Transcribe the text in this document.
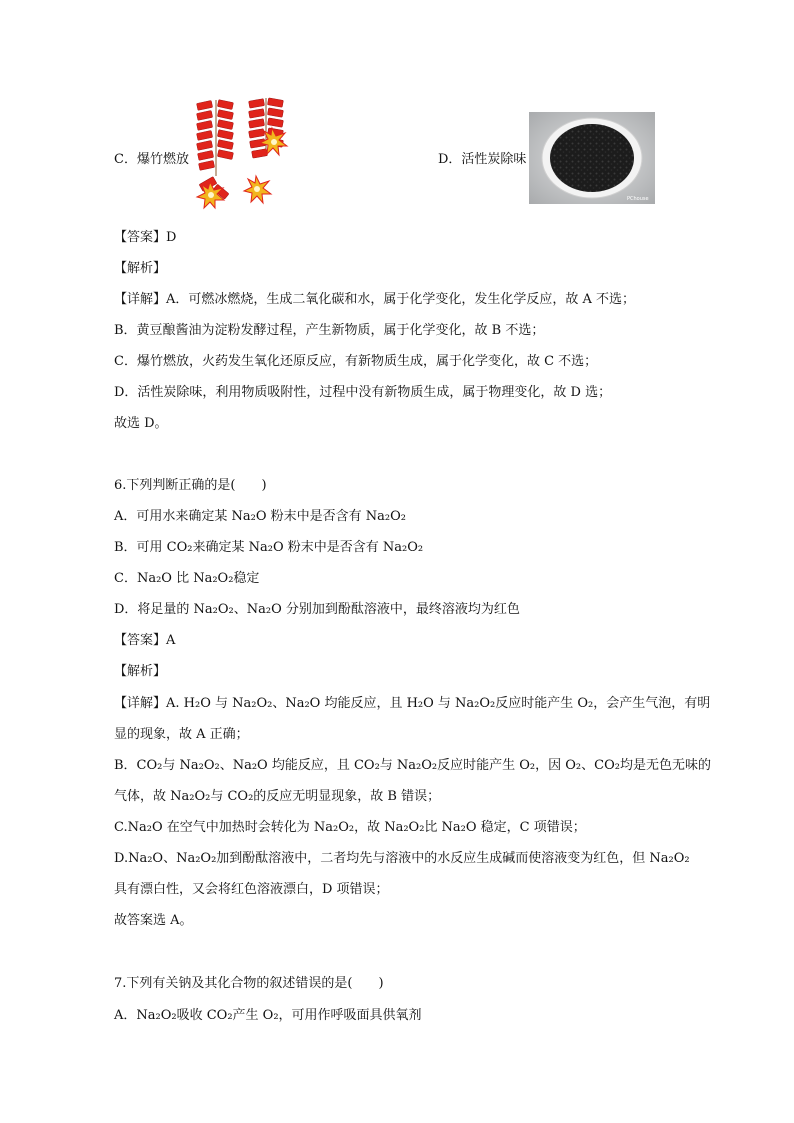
C．爆竹燃放	D．活性炭除味
PChouse
【答案】D
【解析】
【详解】A．可燃冰燃烧，生成二氧化碳和水，属于化学变化，发生化学反应，故 A 不选；
B．黄豆酿酱油为淀粉发酵过程，产生新物质，属于化学变化，故 B 不选；
C．爆竹燃放，火药发生氧化还原反应，有新物质生成，属于化学变化，故 C 不选；
D．活性炭除味，利用物质吸附性，过程中没有新物质生成，属于物理变化，故 D 选；
故选 D。
6.下列判断正确的是(　　)
A．可用水来确定某 Na₂O 粉末中是否含有 Na₂O₂
B．可用 CO₂来确定某 Na₂O 粉末中是否含有 Na₂O₂
C．Na₂O 比 Na₂O₂稳定
D．将足量的 Na₂O₂、Na₂O 分别加到酚酞溶液中，最终溶液均为红色
【答案】A
【解析】
【详解】A. H₂O 与 Na₂O₂、Na₂O 均能反应，且 H₂O 与 Na₂O₂反应时能产生 O₂，会产生气泡，有明
显的现象，故 A 正确；
B．CO₂与 Na₂O₂、Na₂O 均能反应，且 CO₂与 Na₂O₂反应时能产生 O₂，因 O₂、CO₂均是无色无味的
气体，故 Na₂O₂与 CO₂的反应无明显现象，故 B 错误；
C.Na₂O 在空气中加热时会转化为 Na₂O₂，故 Na₂O₂比 Na₂O 稳定，C 项错误；
D.Na₂O、Na₂O₂加到酚酞溶液中，二者均先与溶液中的水反应生成碱而使溶液变为红色，但 Na₂O₂
具有漂白性，又会将红色溶液漂白，D 项错误；
故答案选 A。
7.下列有关钠及其化合物的叙述错误的是(　　)
A．Na₂O₂吸收 CO₂产生 O₂，可用作呼吸面具供氧剂
